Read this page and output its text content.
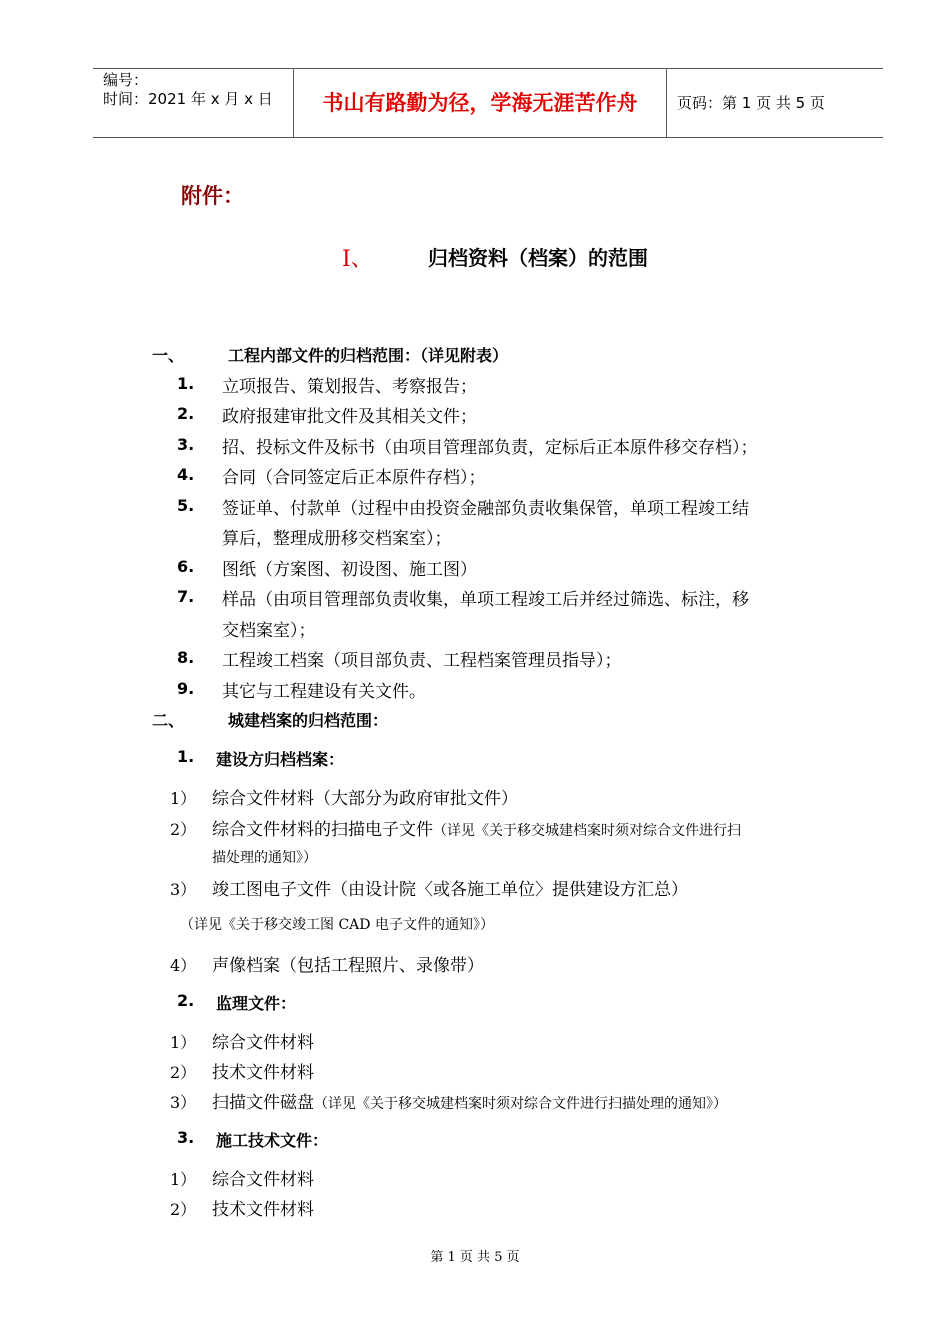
编号：
时间：2021 年 x 月 x 日	书山有路勤为径，学海无涯苦作舟	页码：第 1 页 共 5 页
附件：
Ⅰ、	归档资料（档案）的范围
一、	工程内部文件的归档范围：（详见附表）
1. 立项报告、策划报告、考察报告；
2. 政府报建审批文件及其相关文件；
3. 招、投标文件及标书（由项目管理部负责，定标后正本原件移交存档）；
4. 合同（合同签定后正本原件存档）；
5. 签证单、付款单（过程中由投资金融部负责收集保管，单项工程竣工结
算后，整理成册移交档案室）；
6. 图纸（方案图、初设图、施工图）
7. 样品（由项目管理部负责收集，单项工程竣工后并经过筛选、标注，移
交档案室）；
8. 工程竣工档案（项目部负责、工程档案管理员指导）；
9. 其它与工程建设有关文件。
二、	城建档案的归档范围：
1. 建设方归档档案：
1） 综合文件材料（大部分为政府审批文件）
2） 综合文件材料的扫描电子文件（详见《关于移交城建档案时须对综合文件进行扫
描处理的通知》）
3） 竣工图电子文件（由设计院〈或各施工单位〉提供建设方汇总）
（详见《关于移交竣工图 CAD 电子文件的通知》）
4） 声像档案（包括工程照片、录像带）
2. 监理文件：
1） 综合文件材料
2） 技术文件材料
3） 扫描文件磁盘（详见《关于移交城建档案时须对综合文件进行扫描处理的通知》）
3. 施工技术文件：
1） 综合文件材料
2） 技术文件材料
第 1 页 共 5 页
